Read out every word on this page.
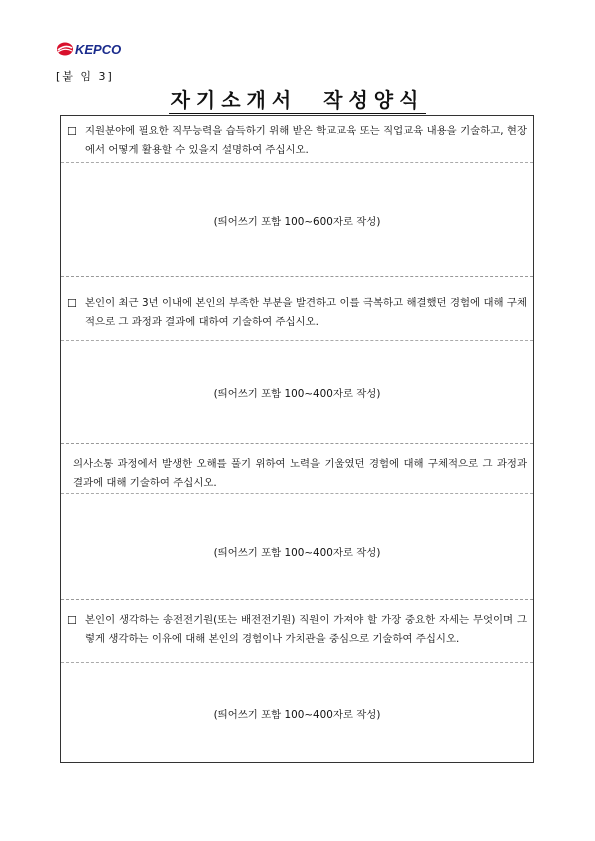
KEPCO
[붙 임 3]
자기소개서  작성양식
☐ 지원분야에 필요한 직무능력을 습득하기 위해 받은 학교교육 또는 직업교육 내용을 기술하고, 현장에서 어떻게 활용할 수 있을지 설명하여 주십시오.
(띄어쓰기 포함 100~600자로 작성)
☐ 본인이 최근 3년 이내에 본인의 부족한 부분을 발견하고 이를 극복하고 해결했던 경험에 대해 구체적으로 그 과정과 결과에 대하여 기술하여 주십시오.
(띄어쓰기 포함 100~400자로 작성)
의사소통 과정에서 발생한 오해를 풀기 위하여 노력을 기울였던 경험에 대해 구체적으로 그 과정과 결과에 대해 기술하여 주십시오.
(띄어쓰기 포함 100~400자로 작성)
☐ 본인이 생각하는 송전전기원(또는 배전전기원) 직원이 가져야 할 가장 중요한 자세는 무엇이며 그렇게 생각하는 이유에 대해 본인의 경험이나 가치관을 중심으로 기술하여 주십시오.
(띄어쓰기 포함 100~400자로 작성)
